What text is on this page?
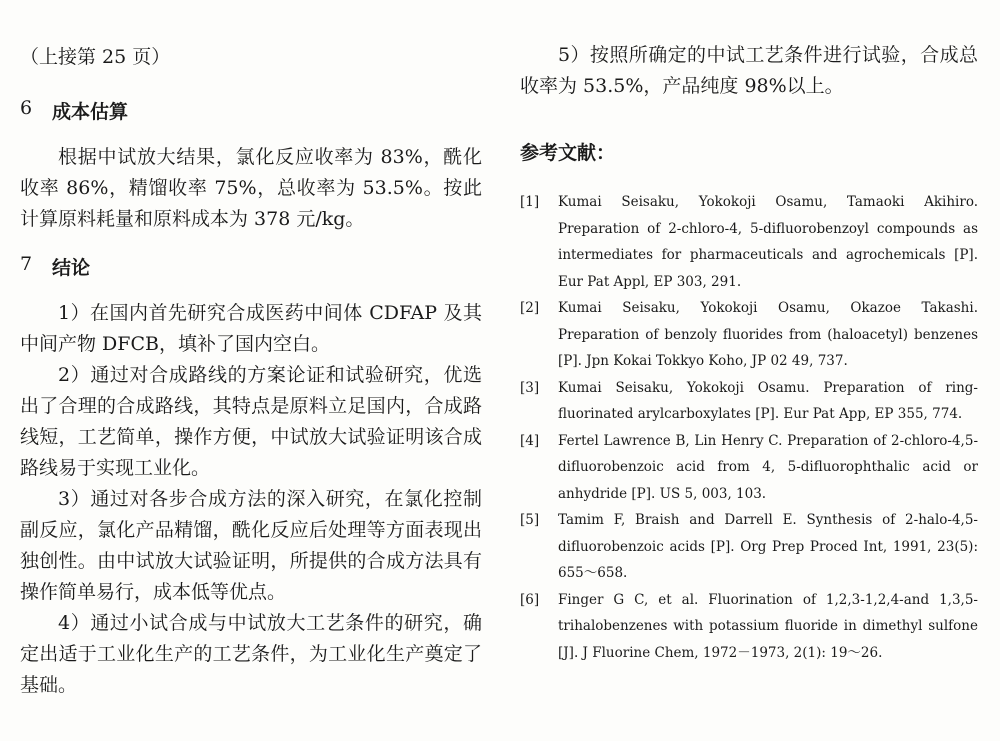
（上接第 25 页）
6	成本估算

根据中试放大结果，氯化反应收率为 83%，酰化收率 86%，精馏收率 75%，总收率为 53.5%。按此计算原料耗量和原料成本为 378 元/kg。

7	结论

1）在国内首先研究合成医药中间体 CDFAP 及其中间产物 DFCB，填补了国内空白。

2）通过对合成路线的方案论证和试验研究，优选出了合理的合成路线，其特点是原料立足国内，合成路线短，工艺简单，操作方便，中试放大试验证明该合成路线易于实现工业化。

3）通过对各步合成方法的深入研究，在氯化控制副反应，氯化产品精馏，酰化反应后处理等方面表现出独创性。由中试放大试验证明，所提供的合成方法具有操作简单易行，成本低等优点。

4）通过小试合成与中试放大工艺条件的研究，确定出适于工业化生产的工艺条件，为工业化生产奠定了基础。

5）按照所确定的中试工艺条件进行试验，合成总收率为 53.5%，产品纯度 98%以上。

参考文献：
[1]	Kumai Seisaku, Yokokoji Osamu, Tamaoki Akihiro. Preparation of 2-chloro-4, 5-difluorobenzoyl compounds as intermediates for pharmaceuticals and agrochemicals [P]. Eur Pat Appl, EP 303, 291.
[2]	Kumai Seisaku, Yokokoji Osamu, Okazoe Takashi. Preparation of benzoly fluorides from (haloacetyl) benzenes [P]. Jpn Kokai Tokkyo Koho, JP 02 49, 737.
[3]	Kumai Seisaku, Yokokoji Osamu. Preparation of ring-fluorinated arylcarboxylates [P]. Eur Pat App, EP 355, 774.
[4]	Fertel Lawrence B, Lin Henry C. Preparation of 2-chloro-4,5-difluorobenzoic acid from 4, 5-difluorophthalic acid or anhydride [P]. US 5, 003, 103.
[5]	Tamim F, Braish and Darrell E. Synthesis of 2-halo-4,5-difluorobenzoic acids [P]. Org Prep Proced Int, 1991, 23(5): 655～658.
[6]	Finger G C, et al. Fluorination of 1,2,3-1,2,4-and 1,3,5-trihalobenzenes with potassium fluoride in dimethyl sulfone [J]. J Fluorine Chem, 1972－1973, 2(1): 19～26.
